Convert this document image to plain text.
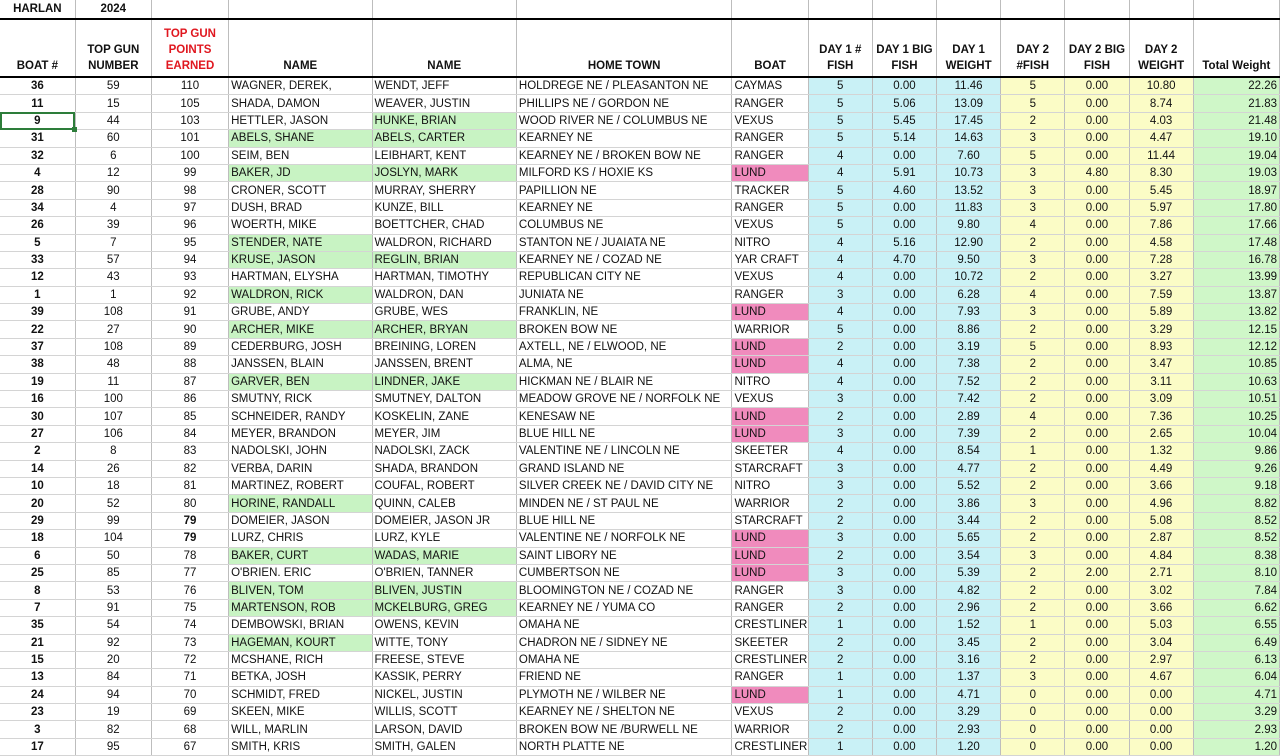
HARLAN	2024												
BOAT #	TOP GUN NUMBER	TOP GUN POINTS EARNED	NAME	NAME	HOME TOWN	BOAT	DAY 1 # FISH	DAY 1 BIG FISH	DAY 1 WEIGHT	DAY 2 #FISH	DAY 2 BIG FISH	DAY 2 WEIGHT	Total Weight
36	59	110	WAGNER, DEREK,	WENDT, JEFF	HOLDREGE NE / PLEASANTON NE	CAYMAS	5	0.00	11.46	5	0.00	10.80	22.26
11	15	105	SHADA, DAMON	WEAVER, JUSTIN	PHILLIPS NE / GORDON NE	RANGER	5	5.06	13.09	5	0.00	8.74	21.83
9	44	103	HETTLER, JASON	HUNKE, BRIAN	WOOD RIVER NE / COLUMBUS NE	VEXUS	5	5.45	17.45	2	0.00	4.03	21.48
31	60	101	ABELS, SHANE	ABELS, CARTER	KEARNEY NE	RANGER	5	5.14	14.63	3	0.00	4.47	19.10
32	6	100	SEIM, BEN	LEIBHART, KENT	KEARNEY NE / BROKEN BOW NE	RANGER	4	0.00	7.60	5	0.00	11.44	19.04
4	12	99	BAKER, JD	JOSLYN, MARK	MILFORD KS / HOXIE KS	LUND	4	5.91	10.73	3	4.80	8.30	19.03
28	90	98	CRONER, SCOTT	MURRAY, SHERRY	PAPILLION NE	TRACKER	5	4.60	13.52	3	0.00	5.45	18.97
34	4	97	DUSH, BRAD	KUNZE, BILL	KEARNEY NE	RANGER	5	0.00	11.83	3	0.00	5.97	17.80
26	39	96	WOERTH, MIKE	BOETTCHER, CHAD	COLUMBUS NE	VEXUS	5	0.00	9.80	4	0.00	7.86	17.66
5	7	95	STENDER, NATE	WALDRON, RICHARD	STANTON NE / JUAIATA NE	NITRO	4	5.16	12.90	2	0.00	4.58	17.48
33	57	94	KRUSE, JASON	REGLIN, BRIAN	KEARNEY NE / COZAD NE	YAR CRAFT	4	4.70	9.50	3	0.00	7.28	16.78
12	43	93	HARTMAN, ELYSHA	HARTMAN, TIMOTHY	REPUBLICAN CITY NE	VEXUS	4	0.00	10.72	2	0.00	3.27	13.99
1	1	92	WALDRON, RICK	WALDRON, DAN	JUNIATA NE	RANGER	3	0.00	6.28	4	0.00	7.59	13.87
39	108	91	GRUBE, ANDY	GRUBE, WES	FRANKLIN, NE	LUND	4	0.00	7.93	3	0.00	5.89	13.82
22	27	90	ARCHER, MIKE	ARCHER, BRYAN	BROKEN BOW NE	WARRIOR	5	0.00	8.86	2	0.00	3.29	12.15
37	108	89	CEDERBURG, JOSH	BREINING, LOREN	AXTELL, NE / ELWOOD, NE	LUND	2	0.00	3.19	5	0.00	8.93	12.12
38	48	88	JANSSEN, BLAIN	JANSSEN, BRENT	ALMA, NE	LUND	4	0.00	7.38	2	0.00	3.47	10.85
19	11	87	GARVER, BEN	LINDNER, JAKE	HICKMAN NE / BLAIR NE	NITRO	4	0.00	7.52	2	0.00	3.11	10.63
16	100	86	SMUTNY, RICK	SMUTNEY, DALTON	MEADOW GROVE NE / NORFOLK NE	VEXUS	3	0.00	7.42	2	0.00	3.09	10.51
30	107	85	SCHNEIDER, RANDY	KOSKELIN, ZANE	KENESAW NE	LUND	2	0.00	2.89	4	0.00	7.36	10.25
27	106	84	MEYER, BRANDON	MEYER, JIM	BLUE HILL NE	LUND	3	0.00	7.39	2	0.00	2.65	10.04
2	8	83	NADOLSKI, JOHN	NADOLSKI, ZACK	VALENTINE NE / LINCOLN NE	SKEETER	4	0.00	8.54	1	0.00	1.32	9.86
14	26	82	VERBA, DARIN	SHADA, BRANDON	GRAND ISLAND NE	STARCRAFT	3	0.00	4.77	2	0.00	4.49	9.26
10	18	81	MARTINEZ, ROBERT	COUFAL, ROBERT	SILVER CREEK NE / DAVID CITY NE	NITRO	3	0.00	5.52	2	0.00	3.66	9.18
20	52	80	HORINE, RANDALL	QUINN, CALEB	MINDEN NE / ST PAUL NE	WARRIOR	2	0.00	3.86	3	0.00	4.96	8.82
29	99	79	DOMEIER, JASON	DOMEIER, JASON JR	BLUE HILL NE	STARCRAFT	2	0.00	3.44	2	0.00	5.08	8.52
18	104	79	LURZ, CHRIS	LURZ, KYLE	VALENTINE NE / NORFOLK NE	LUND	3	0.00	5.65	2	0.00	2.87	8.52
6	50	78	BAKER, CURT	WADAS, MARIE	SAINT LIBORY NE	LUND	2	0.00	3.54	3	0.00	4.84	8.38
25	85	77	O'BRIEN. ERIC	O'BRIEN, TANNER	CUMBERTSON NE	LUND	3	0.00	5.39	2	2.00	2.71	8.10
8	53	76	BLIVEN, TOM	BLIVEN, JUSTIN	BLOOMINGTON NE / COZAD NE	RANGER	3	0.00	4.82	2	0.00	3.02	7.84
7	91	75	MARTENSON, ROB	MCKELBURG, GREG	KEARNEY NE / YUMA CO	RANGER	2	0.00	2.96	2	0.00	3.66	6.62
35	54	74	DEMBOWSKI, BRIAN	OWENS, KEVIN	OMAHA NE	CRESTLINER	1	0.00	1.52	1	0.00	5.03	6.55
21	92	73	HAGEMAN, KOURT	WITTE, TONY	CHADRON NE / SIDNEY NE	SKEETER	2	0.00	3.45	2	0.00	3.04	6.49
15	20	72	MCSHANE, RICH	FREESE, STEVE	OMAHA NE	CRESTLINER	2	0.00	3.16	2	0.00	2.97	6.13
13	84	71	BETKA, JOSH	KASSIK, PERRY	FRIEND NE	RANGER	1	0.00	1.37	3	0.00	4.67	6.04
24	94	70	SCHMIDT, FRED	NICKEL, JUSTIN	PLYMOTH NE / WILBER NE	LUND	1	0.00	4.71	0	0.00	0.00	4.71
23	19	69	SKEEN, MIKE	WILLIS, SCOTT	KEARNEY NE / SHELTON NE	VEXUS	2	0.00	3.29	0	0.00	0.00	3.29
3	82	68	WILL, MARLIN	LARSON, DAVID	BROKEN BOW NE /BURWELL NE	WARRIOR	2	0.00	2.93	0	0.00	0.00	2.93
17	95	67	SMITH, KRIS	SMITH, GALEN	NORTH PLATTE NE	CRESTLINER	1	0.00	1.20	0	0.00	0.00	1.20
